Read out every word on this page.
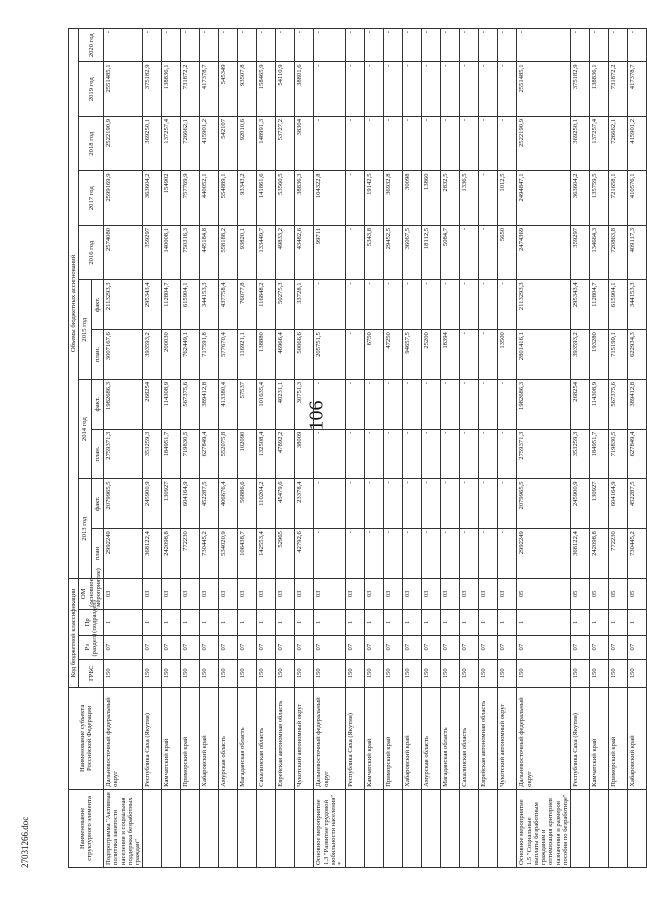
106
27031266.doc	Наименование структурного элемента	Наименование субъекта Российской Федерации	Код бюджетной классификации				Объемы бюджетных ассигнований										
		ГРБС	Рз (раздел)	Пр (подраздел)	ОМ (основное мероприятие)	2013 год		2014 год		2015 год		2016 год	2017 год	2018 год	2019 год	2020 год
						план	факт.	план.	факт.	план.	факт.					
Подпрограмма "Активная политика занятости населения и социальная поддержка безработных граждан"	Дальневосточный федеральный округ	150	07	1	03	2992249	2079965,5	2759371,3	1982686,3	3007167,6	2113293,3	2574080	2599169,9	2522190,9	2551485,1	-
	Республика Саха (Якутия)	150	07	1	03	368122,4	245900,9	353259,3	268254	393593,2	295343,4	359297	363604,2	369250,1	375182,9	-
	Камчатский край	150	07	1	03	242098,8	130927	184951,7	114308,9	200030	112804,7	140008,1	154902	137257,4	138836,1	-
	Приморский край	150	07	1	03	772230	604164,9	719830,5	567375,6	762449,1	615904,1	750316,3	757769,9	726662,1	731872,2	-
	Хабаровский край	150	07	1	03	730445,2	452287,5	627849,4	389412,8	717591,8	344153,3	445184,8	440052,1	415901,2	417378,7	-
	Амурская область	150	07	1	03	534020,9	406676,4	552075,8	413380,4	577670,4	437758,4	558188,2	554889,1	542107	545349	-
	Магаданская область	150	07	1	03	106438,7	56886,6	102090	57537	116921,1	76077,8	93820,1	93343,2	92010,6	93507,8	-
	Сахалинская область	150	07	1	03	142553,4	110204,2	132508,4	101635,4	138880	116848,2	133449,7	141861,6	148991,3	158465,9	-
	Еврейская автономная область	150	07	1	03	52965	45479,6	47892,2	40231,1	46966,4	50275,3	49833,2	53560,5	53727,2	54110,9	-
	Чукотский автономный округ	150	07	1	03	42792,6	23378,4	38009	30751,3	50066,6	33728,1	43482,6	38836,3	38304	38801,6	-
Основное мероприятие 1.3 "Развитие трудовой мобильности населения" *	Дальневосточный федеральный округ	150	07	1	03	-	-	-	-	205751,5	-	99711	104322,8	-	-	-
	Республика Саха (Якутия)	150	07	1	03	-	-	-	-	-	-	-	-	-	-	-
	Камчатский край	150	07	1	03	-	-	-	-	6750	-	5343,8	19142,5	-	-	-
	Приморский край	150	07	1	03	-	-	-	-	47250	-	29452,5	36932,8	-	-	-
	Хабаровский край	150	07	1	03	-	-	-	-	94657,5	-	36067,5	30098	-	-	-
	Амурская область	150	07	1	03	-	-	-	-	25200	-	18112,5	13860	-	-	-
	Магаданская область	150	07	1	03	-	-	-	-	18394	-	5084,7	2832,5	-	-	-
	Сахалинская область	150	07	1	03	-	-	-	-	-	-	-	1336,5	-	-	-
	Еврейская автономная область	150	07	1	03	-	-	-	-	-	-	-	-	-	-	-
	Чукотский автономный округ	150	07	1	03	-	-	-	-	13500	-	5650	1012,5	-	-	-
Основное мероприятие 1.5 "Социальные выплаты безработным гражданам и оптимизация критериев назначения и размеров пособия по безработице"	Дальневосточный федеральный округ	150	07	1	05	2992249	2079965,5	2759371,3	1982686,3	2801416,1	2113293,3	2474369	2494847,1	2522190,9	2551485,1	-
	Республика Саха (Якутия)	150	07	1	05	368122,4	245900,9	353259,3	268254	393593,2	295343,4	359297	363604,2	369250,1	375182,9	-
	Камчатский край	150	07	1	05	242098,8	130927	184951,7	114308,9	193280	112804,7	134664,3	135759,5	137257,4	138836,1	-
	Приморский край	150	07	1	05	772230	604164,9	719830,5	567375,6	715199,1	615904,1	720863,8	721658,1	726662,1	731872,2	-
	Хабаровский край	150	07	1	05	730445,2	452287,5	627849,4	389412,8	622934,3	344153,3	409117,3	410576,1	415901,2	417378,7	-
